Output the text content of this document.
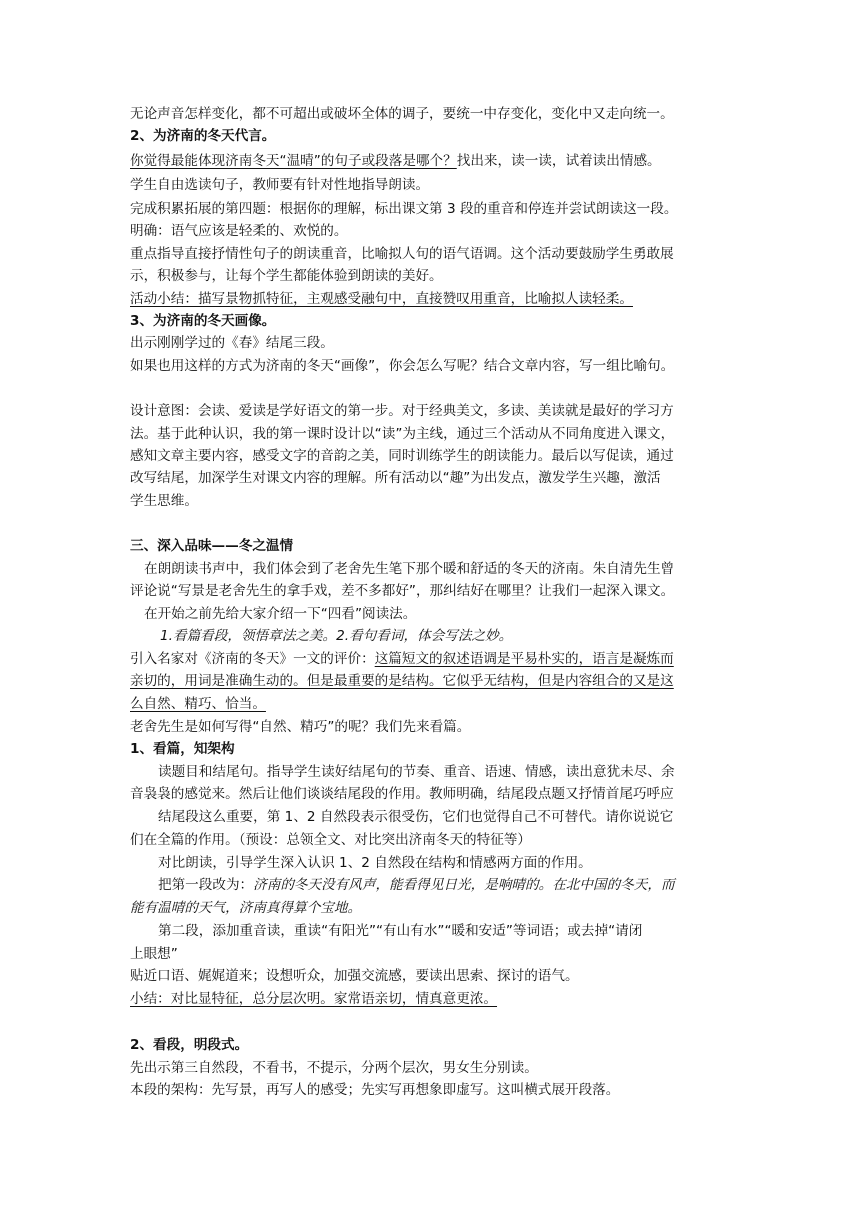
无论声音怎样变化，都不可超出或破坏全体的调子，要统一中存变化，变化中又走向统一。
2、为济南的冬天代言。
你觉得最能体现济南冬天“温晴”的句子或段落是哪个？找出来，读一读，试着读出情感。
学生自由选读句子，教师要有针对性地指导朗读。
完成积累拓展的第四题：根据你的理解，标出课文第 3 段的重音和停连并尝试朗读这一段。
明确：语气应该是轻柔的、欢悦的。
重点指导直接抒情性句子的朗读重音，比喻拟人句的语气语调。这个活动要鼓励学生勇敢展
示，积极参与，让每个学生都能体验到朗读的美好。
活动小结：描写景物抓特征，主观感受融句中，直接赞叹用重音，比喻拟人读轻柔。
3、为济南的冬天画像。
出示刚刚学过的《春》结尾三段。
如果也用这样的方式为济南的冬天“画像”，你会怎么写呢？结合文章内容，写一组比喻句。
设计意图：会读、爱读是学好语文的第一步。对于经典美文，多读、美读就是最好的学习方
法。基于此种认识，我的第一课时设计以“读”为主线，通过三个活动从不同角度进入课文，
感知文章主要内容，感受文字的音韵之美，同时训练学生的朗读能力。最后以写促读，通过
改写结尾，加深学生对课文内容的理解。所有活动以“趣”为出发点，激发学生兴趣，激活
学生思维。
三、深入品味——冬之温情
在朗朗读书声中，我们体会到了老舍先生笔下那个暖和舒适的冬天的济南。朱自清先生曾
评论说“写景是老舍先生的拿手戏，差不多都好”，那纠结好在哪里？让我们一起深入课文。
在开始之前先给大家介绍一下“四看”阅读法。
1.看篇看段，领悟章法之美。2.看句看词，体会写法之妙。
引入名家对《济南的冬天》一文的评价：这篇短文的叙述语调是平易朴实的，语言是凝炼而
亲切的，用词是准确生动的。但是最重要的是结构。它似乎无结构，但是内容组合的又是这
么自然、精巧、恰当。
老舍先生是如何写得“自然、精巧”的呢？我们先来看篇。
1、看篇，知架构
读题目和结尾句。指导学生读好结尾句的节奏、重音、语速、情感，读出意犹未尽、余
音袅袅的感觉来。然后让他们谈谈结尾段的作用。教师明确，结尾段点题又抒情首尾巧呼应
结尾段这么重要，第 1、2 自然段表示很受伤，它们也觉得自己不可替代。请你说说它
们在全篇的作用。（预设：总领全文、对比突出济南冬天的特征等）
对比朗读，引导学生深入认识 1、2 自然段在结构和情感两方面的作用。
把第一段改为：济南的冬天没有风声，能看得见日光，是响晴的。在北中国的冬天，而
能有温晴的天气，济南真得算个宝地。
第二段，添加重音读，重读“有阳光”“有山有水”“暖和安适”等词语；或去掉“请闭
上眼想”
贴近口语、娓娓道来；设想听众，加强交流感，要读出思索、探讨的语气。
小结：对比显特征，总分层次明。家常语亲切，情真意更浓。
2、看段，明段式。
先出示第三自然段，不看书，不提示，分两个层次，男女生分别读。
本段的架构：先写景，再写人的感受；先实写再想象即虚写。这叫横式展开段落。
